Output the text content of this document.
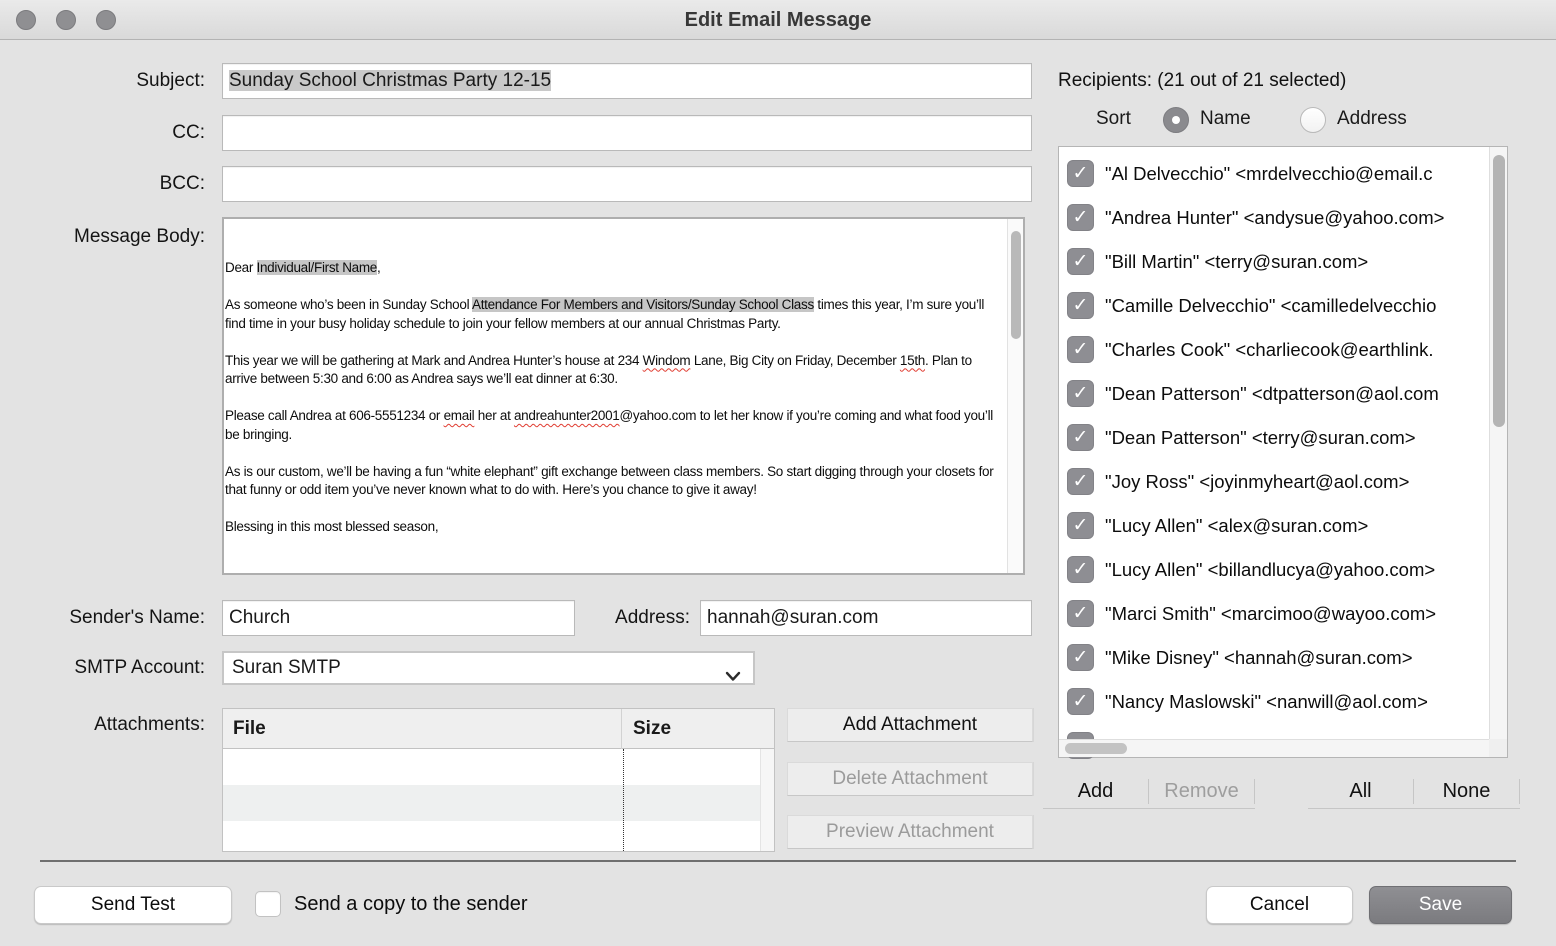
Edit Email Message
Subject:	Sunday School Christmas Party 12-15
CC:
BCC:
Message Body:

Dear Individual/First Name,

As someone who’s been in Sunday School Attendance For Members and Visitors/Sunday School Class times this year, I’m sure you’ll find time in your busy holiday schedule to join your fellow members at our annual Christmas Party.

This year we will be gathering at Mark and Andrea Hunter’s house at 234 Windom Lane, Big City on Friday, December 15th. Plan to arrive between 5:30 and 6:00 as Andrea says we’ll eat dinner at 6:30.

Please call Andrea at 606-5551234 or email her at andreahunter2001@yahoo.com to let her know if you’re coming and what food you’ll be bringing.

As is our custom, we’ll be having a fun “white elephant” gift exchange between class members. So start digging through your closets for that funny or odd item you’ve never known what to do with. Here’s you chance to give it away!

Blessing in this most blessed season,

Sender's Name:	Church	Address: hannah@suran.com
SMTP Account:	Suran SMTP
Attachments:	File	Size	Add Attachment
Delete Attachment
Preview Attachment
Recipients: (21 out of 21 selected)
Sort	Name	Address
✓ "Al Delvecchio" <mrdelvecchio@email.c
✓ "Andrea Hunter" <andysue@yahoo.com>
✓ "Bill Martin" <terry@suran.com>
✓ "Camille Delvecchio" <camilledelvecchio
✓ "Charles Cook" <charliecook@earthlink.
✓ "Dean Patterson" <dtpatterson@aol.com
✓ "Dean Patterson" <terry@suran.com>
✓ "Joy Ross" <joyinmyheart@aol.com>
✓ "Lucy Allen" <alex@suran.com>
✓ "Lucy Allen" <billandlucya@yahoo.com>
✓ "Marci Smith" <marcimoo@wayoo.com>
✓ "Mike Disney" <hannah@suran.com>
✓ "Nancy Maslowski" <nanwill@aol.com>
Add	Remove	All	None
Send Test	Send a copy to the sender	Cancel	Save
